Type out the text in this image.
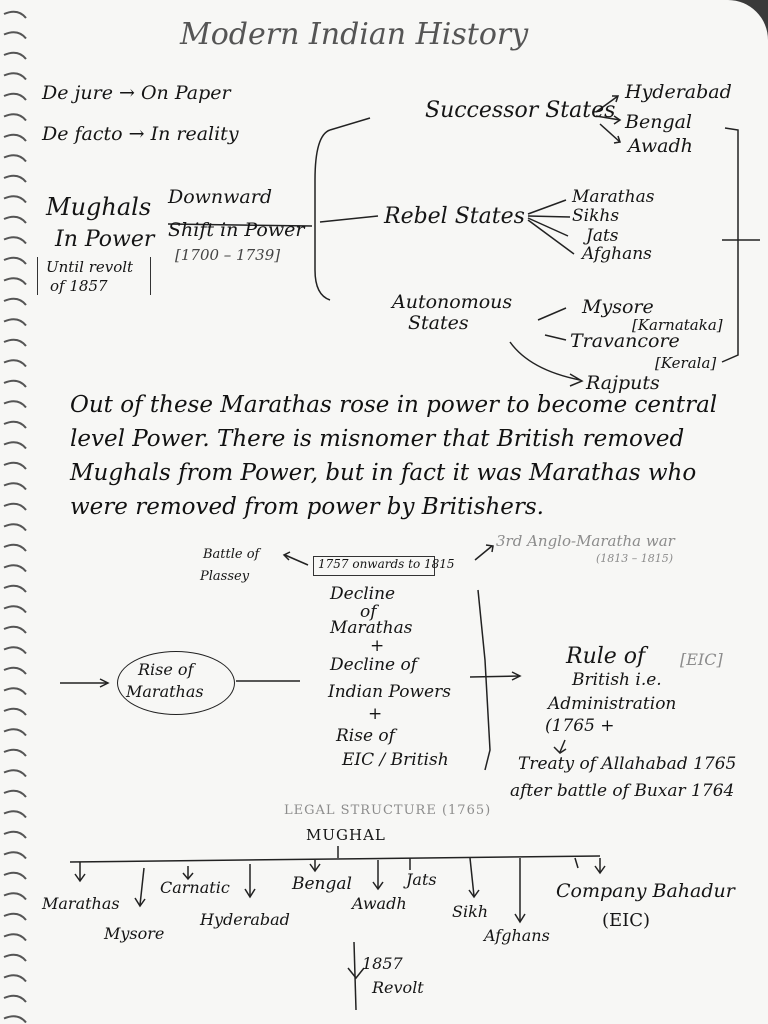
Modern Indian History
De jure → On Paper
De facto → In reality
Mughals
In Power
Until revolt
of 1857
Downward
Shift in Power
[1700 – 1739]
Successor States
Hyderabad
Bengal
Awadh
Rebel States
Marathas
Sikhs
Jats
Afghans
Autonomous
States
Mysore
[Karnataka]
Travancore
[Kerala]
Rajputs
Out of these Marathas rose in power to become central level Power. There is misnomer that British removed Mughals from Power, but in fact it was Marathas who were removed from power by Britishers.
Battle of
Plassey
1757 onwards to 1815
3rd Anglo-Maratha war
(1813 – 1815)
Rise of
Marathas
Decline
of
Marathas
+
Decline of
Indian Powers
+
Rise of
EIC / British
Rule of [EIC]
British i.e.
Administration
(1765 +
Treaty of Allahabad 1765
after battle of Buxar 1764
LEGAL STRUCTURE (1765)
MUGHAL
Marathas
Mysore
Carnatic
Hyderabad
Bengal
Awadh
Jats
Sikh
Afghans
Company Bahadur
(EIC)
1857
Revolt
